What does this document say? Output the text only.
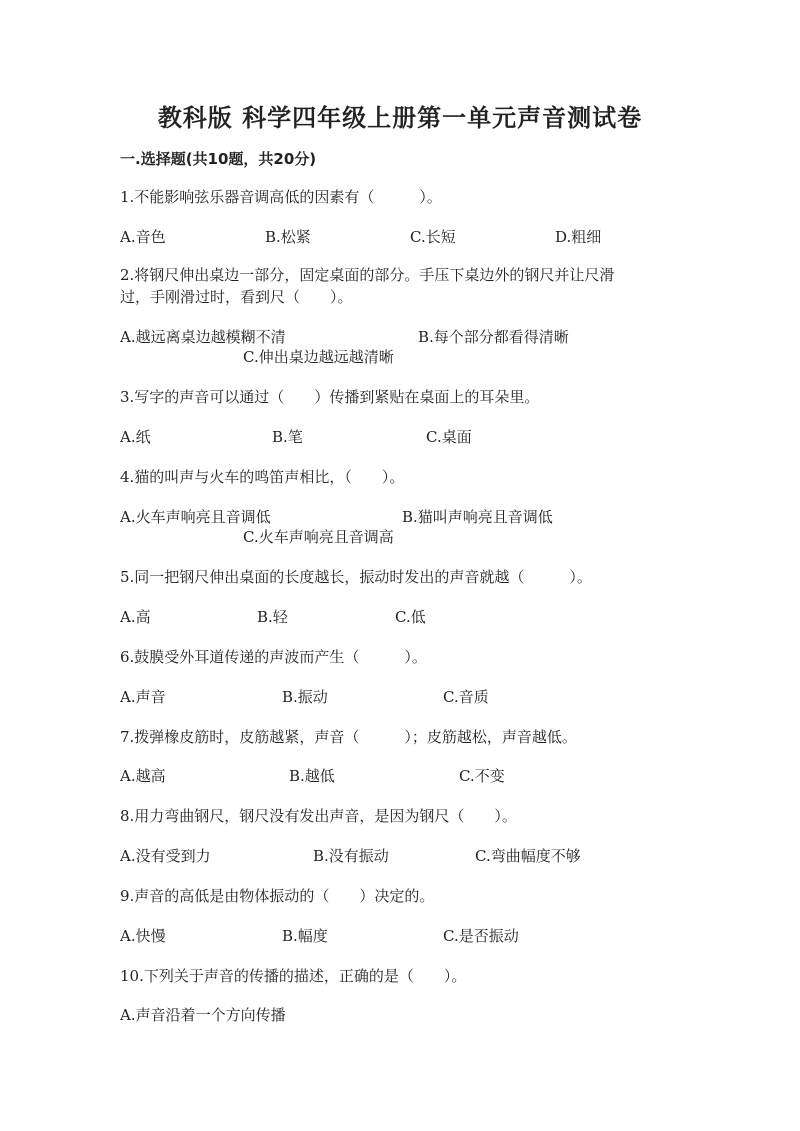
教科版 科学四年级上册第一单元声音测试卷
一.选择题(共10题，共20分)
1.不能影响弦乐器音调高低的因素有（　　　）。
A.音色	B.松紧	C.长短	D.粗细
2.将钢尺伸出桌边一部分，固定桌面的部分。手压下桌边外的钢尺并让尺滑
过，手刚滑过时，看到尺（　　）。
A.越远离桌边越模糊不清	B.每个部分都看得清晰
C.伸出桌边越远越清晰
3.写字的声音可以通过（　　）传播到紧贴在桌面上的耳朵里。
A.纸	B.笔	C.桌面
4.猫的叫声与火车的鸣笛声相比，（　　）。
A.火车声响亮且音调低	B.猫叫声响亮且音调低
C.火车声响亮且音调高
5.同一把钢尺伸出桌面的长度越长，振动时发出的声音就越（　　　）。
A.高	B.轻	C.低
6.鼓膜受外耳道传递的声波而产生（　　　）。
A.声音	B.振动	C.音质
7.拨弹橡皮筋时，皮筋越紧，声音（　　　）；皮筋越松，声音越低。
A.越高	B.越低	C.不变
8.用力弯曲钢尺，钢尺没有发出声音，是因为钢尺（　　）。
A.没有受到力	B.没有振动	C.弯曲幅度不够
9.声音的高低是由物体振动的（　　）决定的。
A.快慢	B.幅度	C.是否振动
10.下列关于声音的传播的描述，正确的是（　　）。
A.声音沿着一个方向传播
